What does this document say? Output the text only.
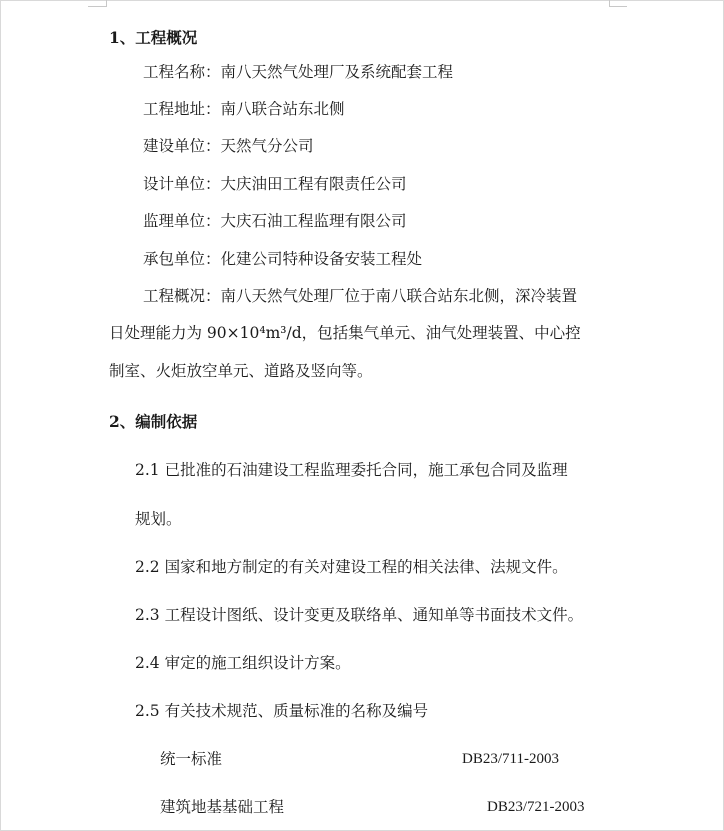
1、工程概况
工程名称：南八天然气处理厂及系统配套工程
工程地址：南八联合站东北侧
建设单位：天然气分公司
设计单位：大庆油田工程有限责任公司
监理单位：大庆石油工程监理有限公司
承包单位：化建公司特种设备安装工程处
工程概况：南八天然气处理厂位于南八联合站东北侧，深冷装置
日处理能力为 90×10⁴m³/d，包括集气单元、油气处理装置、中心控
制室、火炬放空单元、道路及竖向等。
2、编制依据
2.1 已批准的石油建设工程监理委托合同，施工承包合同及监理
规划。
2.2 国家和地方制定的有关对建设工程的相关法律、法规文件。
2.3 工程设计图纸、设计变更及联络单、通知单等书面技术文件。
2.4 审定的施工组织设计方案。
2.5 有关技术规范、质量标准的名称及编号
统一标准	DB23/711-2003
建筑地基基础工程	DB23/721-2003
